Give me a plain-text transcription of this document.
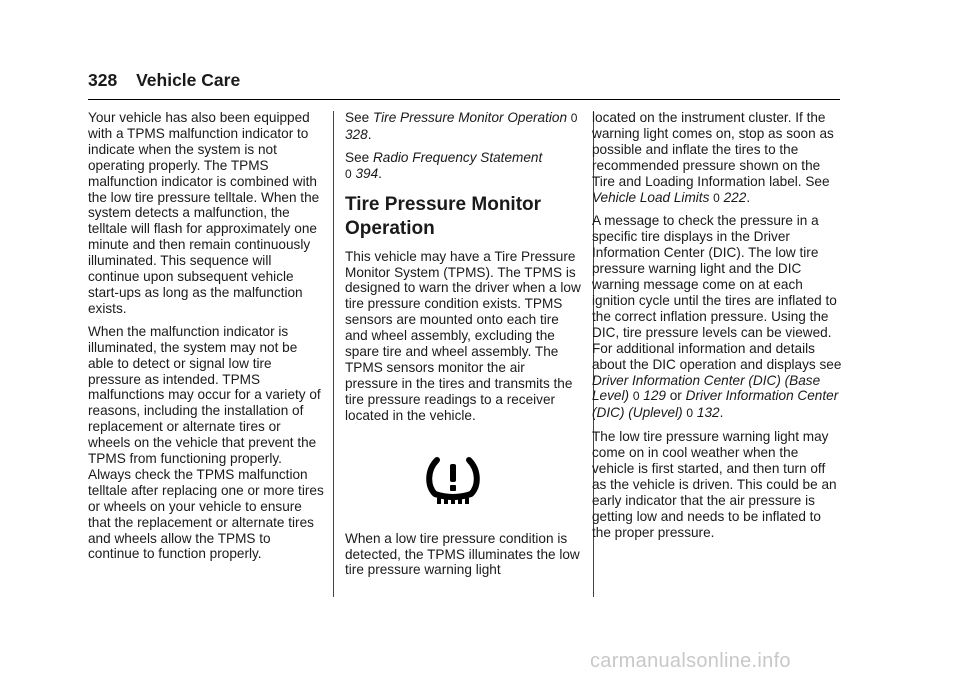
328 Vehicle Care

Your vehicle has also been equipped with a TPMS malfunction indicator to indicate when the system is not operating properly. The TPMS malfunction indicator is combined with the low tire pressure telltale. When the system detects a malfunction, the telltale will flash for approximately one minute and then remain continuously illuminated. This sequence will continue upon subsequent vehicle start-ups as long as the malfunction exists.

When the malfunction indicator is illuminated, the system may not be able to detect or signal low tire pressure as intended. TPMS malfunctions may occur for a variety of reasons, including the installation of replacement or alternate tires or wheels on the vehicle that prevent the TPMS from functioning properly. Always check the TPMS malfunction telltale after replacing one or more tires or wheels on your vehicle to ensure that the replacement or alternate tires and wheels allow the TPMS to continue to function properly.

See Tire Pressure Monitor Operation 0 328.

See Radio Frequency Statement
0 394.

Tire Pressure Monitor Operation

This vehicle may have a Tire Pressure Monitor System (TPMS). The TPMS is designed to warn the driver when a low tire pressure condition exists. TPMS sensors are mounted onto each tire and wheel assembly, excluding the spare tire and wheel assembly. The TPMS sensors monitor the air pressure in the tires and transmits the tire pressure readings to a receiver located in the vehicle.

When a low tire pressure condition is detected, the TPMS illuminates the low tire pressure warning light

located on the instrument cluster. If the warning light comes on, stop as soon as possible and inflate the tires to the recommended pressure shown on the Tire and Loading Information label. See Vehicle Load Limits 0 222.

A message to check the pressure in a specific tire displays in the Driver Information Center (DIC). The low tire pressure warning light and the DIC warning message come on at each ignition cycle until the tires are inflated to the correct inflation pressure. Using the DIC, tire pressure levels can be viewed. For additional information and details about the DIC operation and displays see Driver Information Center (DIC) (Base Level) 0 129 or Driver Information Center (DIC) (Uplevel) 0 132.

The low tire pressure warning light may come on in cool weather when the vehicle is first started, and then turn off as the vehicle is driven. This could be an early indicator that the air pressure is getting low and needs to be inflated to the proper pressure.

carmanualsonline.info
